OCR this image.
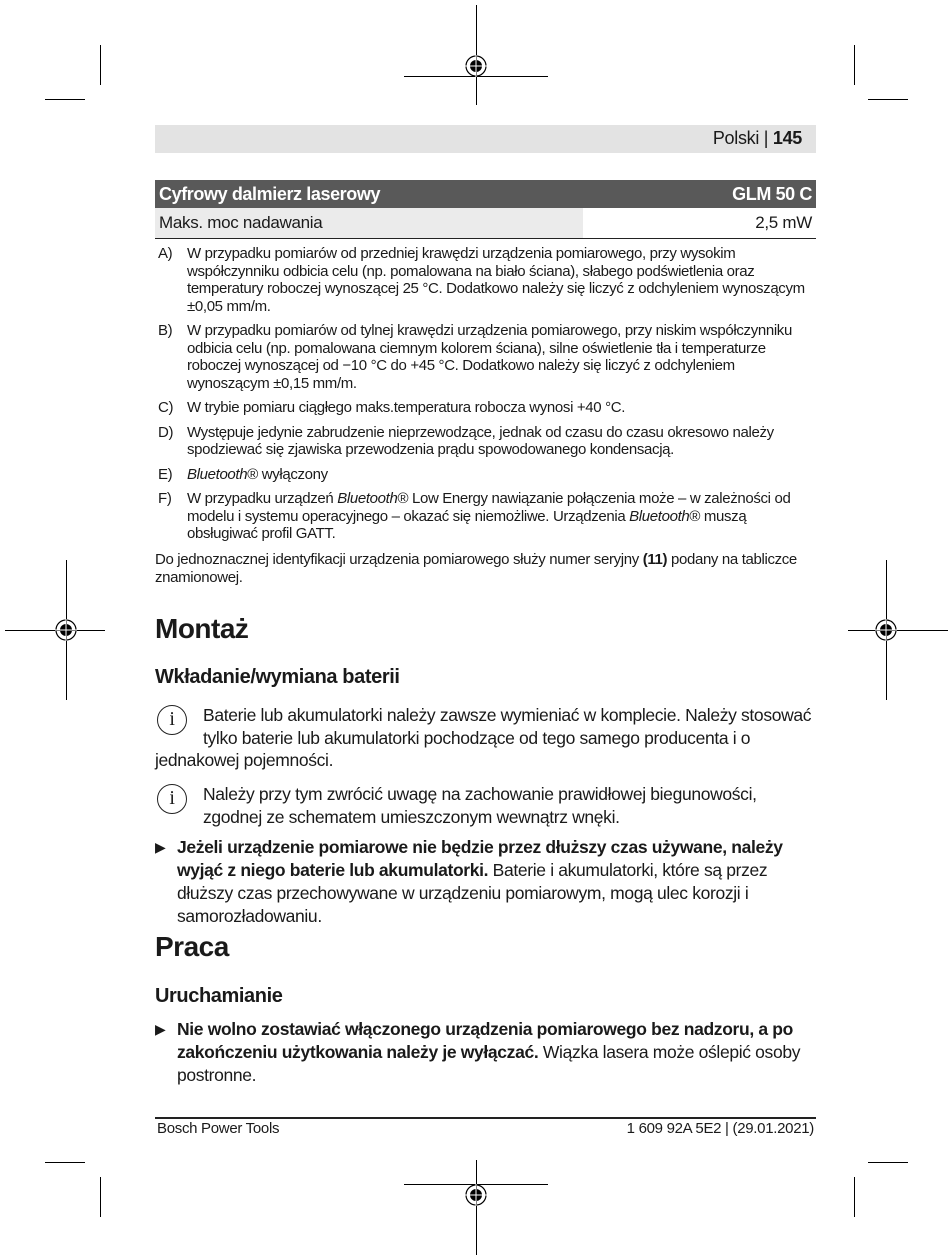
Polski | 145
Cyfrowy dalmierz laserowy	GLM 50 C
Maks. moc nadawania	2,5 mW
A) W przypadku pomiarów od przedniej krawędzi urządzenia pomiarowego, przy wysokim współczynniku odbicia celu (np. pomalowana na biało ściana), słabego podświetlenia oraz temperatury roboczej wynoszącej 25 °C. Dodatkowo należy się liczyć z odchyleniem wynoszącym ±0,05 mm/m.
B) W przypadku pomiarów od tylnej krawędzi urządzenia pomiarowego, przy niskim współczynniku odbicia celu (np. pomalowana ciemnym kolorem ściana), silne oświetlenie tła i temperaturze roboczej wynoszącej od −10 °C do +45 °C. Dodatkowo należy się liczyć z odchyleniem wynoszącym ±0,15 mm/m.
C) W trybie pomiaru ciągłego maks.temperatura robocza wynosi +40 °C.
D) Występuje jedynie zabrudzenie nieprzewodzące, jednak od czasu do czasu okresowo należy spodziewać się zjawiska przewodzenia prądu spowodowanego kondensacją.
E) Bluetooth® wyłączony
F)	W przypadku urządzeń Bluetooth® Low Energy nawiązanie połączenia może – w zależności od modelu i systemu operacyjnego – okazać się niemożliwe. Urządzenia Bluetooth® muszą obsługiwać profil GATT.
Do jednoznacznej identyfikacji urządzenia pomiarowego służy numer seryjny (11) podany na tabliczce znamionowej.
Montaż
Wkładanie/wymiana baterii
i	Baterie lub akumulatorki należy zawsze wymieniać w komplecie. Należy stosować tylko baterie lub akumulatorki pochodzące od tego samego producenta i o jednakowej pojemności.
i	Należy przy tym zwrócić uwagę na zachowanie prawidłowej biegunowości, zgodnej ze schematem umieszczonym wewnątrz wnęki.
▶ Jeżeli urządzenie pomiarowe nie będzie przez dłuższy czas używane, należy wyjąć z niego baterie lub akumulatorki. Baterie i akumulatorki, które są przez dłuższy czas przechowywane w urządzeniu pomiarowym, mogą ulec korozji i samorozładowaniu.
Praca
Uruchamianie
▶ Nie wolno zostawiać włączonego urządzenia pomiarowego bez nadzoru, a po zakończeniu użytkowania należy je wyłączać. Wiązka lasera może oślepić osoby postronne.
Bosch Power Tools	1 609 92A 5E2 | (29.01.2021)
